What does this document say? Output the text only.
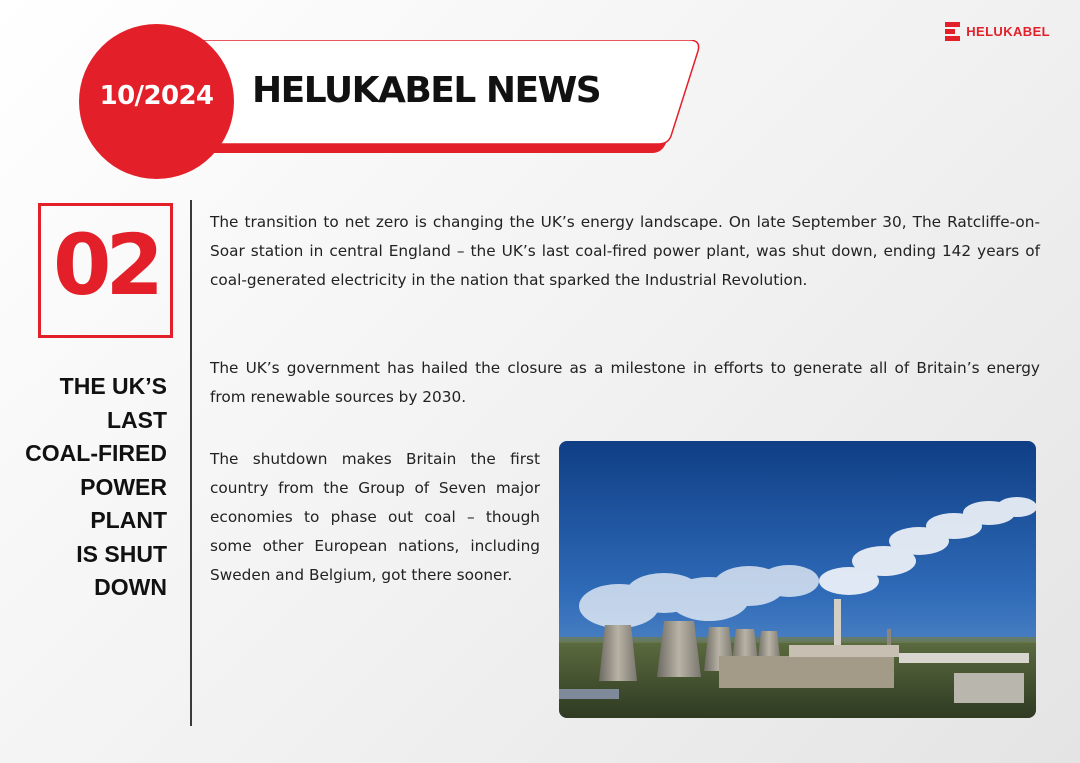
HELUKABEL
HELUKABEL NEWS
10/2024
02
THE UK’S
LAST
COAL-FIRED
POWER
PLANT
IS SHUT
DOWN

The transition to net zero is changing the UK’s energy landscape. On late September 30, The Ratcliffe-on-Soar station in central England – the UK’s last coal-fired power plant, was shut down, ending 142 years of coal-generated electricity in the nation that sparked the Industrial Revolution.

The UK’s government has hailed the closure as a milestone in efforts to generate all of Britain’s energy from renewable sources by 2030.

The shutdown makes Britain the first country from the Group of Seven major economies to phase out coal – though some other European nations, including Sweden and Belgium, got there sooner.
